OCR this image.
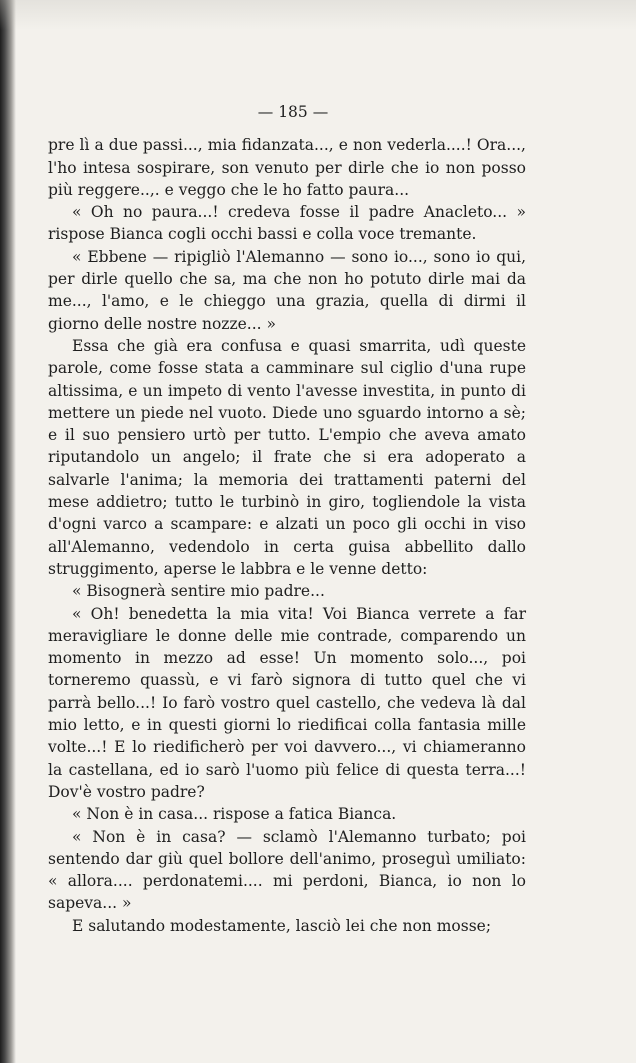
— 185 —

pre lì a due passi..., mia fidanzata..., e non vederla....! Ora..., l'ho intesa sospirare, son venuto per dirle che io non posso più reggere..,. e veggo che le ho fatto paura...

« Oh no paura...! credeva fosse il padre Anacleto... » rispose Bianca cogli occhi bassi e colla voce tremante.

« Ebbene — ripigliò l'Alemanno — sono io..., sono io qui, per dirle quello che sa, ma che non ho potuto dirle mai da me..., l'amo, e le chieggo una grazia, quella di dirmi il giorno delle nostre nozze... »

Essa che già era confusa e quasi smarrita, udì queste parole, come fosse stata a camminare sul ciglio d'una rupe altissima, e un impeto di vento l'avesse investita, in punto di mettere un piede nel vuoto. Diede uno sguardo intorno a sè; e il suo pensiero urtò per tutto. L'empio che aveva amato riputandolo un angelo; il frate che si era adoperato a salvarle l'anima; la memoria dei trattamenti paterni del mese addietro; tutto le turbinò in giro, togliendole la vista d'ogni varco a scampare: e alzati un poco gli occhi in viso all'Alemanno, vedendolo in certa guisa abbellito dallo struggimento, aperse le labbra e le venne detto:

« Bisognerà sentire mio padre...

« Oh! benedetta la mia vita! Voi Bianca verrete a far meravigliare le donne delle mie contrade, comparendo un momento in mezzo ad esse! Un momento solo..., poi torneremo quassù, e vi farò signora di tutto quel che vi parrà bello...! Io farò vostro quel castello, che vedeva là dal mio letto, e in questi giorni lo riedificai colla fantasia mille volte...! E lo riedificherò per voi davvero..., vi chiameranno la castellana, ed io sarò l'uomo più felice di questa terra...! Dov'è vostro padre?

« Non è in casa... rispose a fatica Bianca.

« Non è in casa? — sclamò l'Alemanno turbato; poi sentendo dar giù quel bollore dell'animo, proseguì umiliato: « allora.... perdonatemi.... mi perdoni, Bianca, io non lo sapeva... »

E salutando modestamente, lasciò lei che non mosse;
